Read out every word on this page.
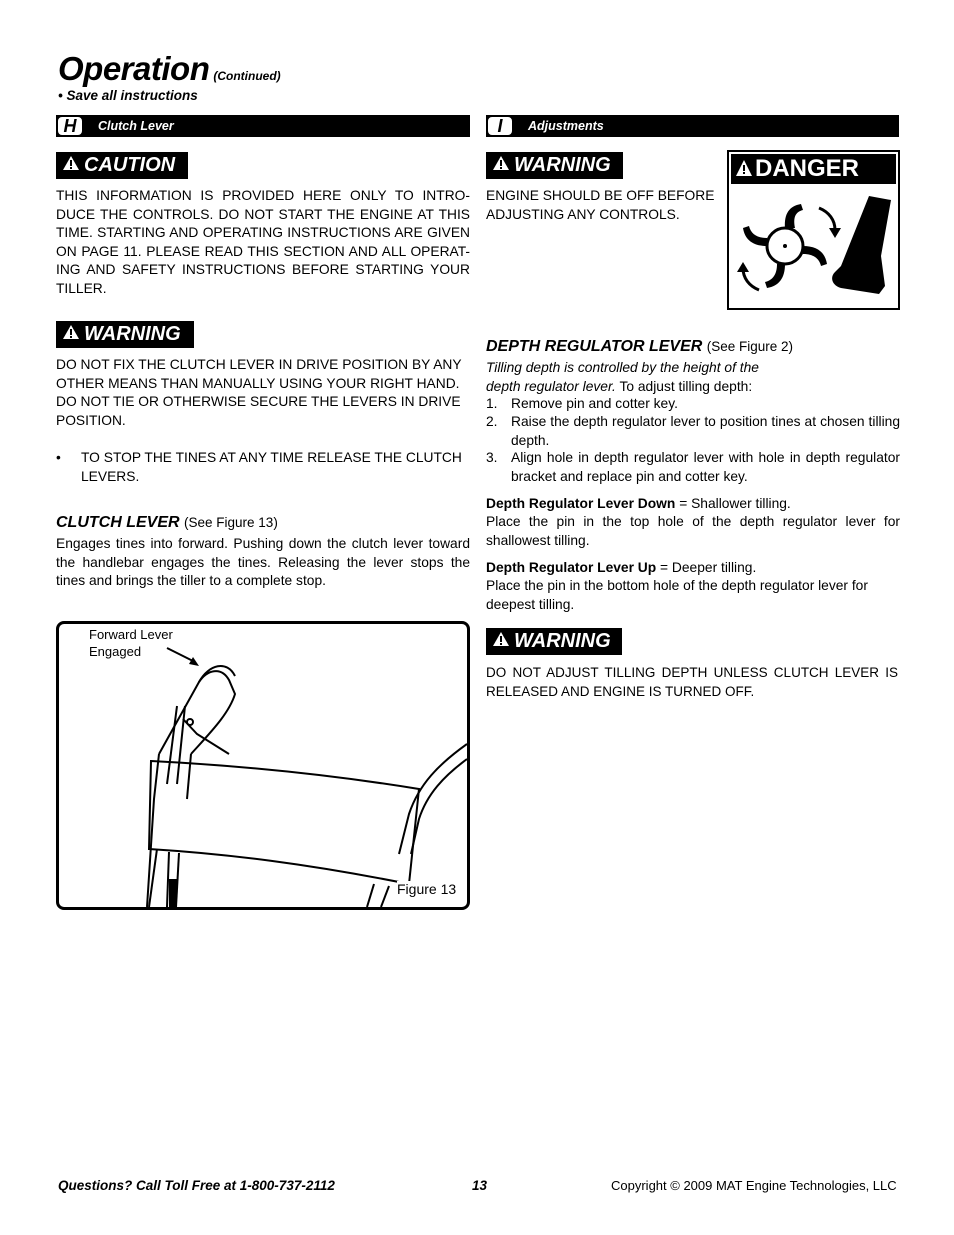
Operation (Continued)
• Save all instructions
H	Clutch Lever	I	Adjustments
CAUTION
THIS INFORMATION IS PROVIDED HERE ONLY TO INTRO-DUCE THE CONTROLS. DO NOT START THE ENGINE AT THIS TIME. STARTING AND OPERATING INSTRUCTIONS ARE GIVEN ON PAGE 11. PLEASE READ THIS SECTION AND ALL OPERAT-ING AND SAFETY INSTRUCTIONS BEFORE STARTING YOUR TILLER.
WARNING
DO NOT FIX THE CLUTCH LEVER IN DRIVE POSITION BY ANY OTHER MEANS THAN MANUALLY USING YOUR RIGHT HAND. DO NOT TIE OR OTHERWISE SECURE THE LEVERS IN DRIVE POSITION.
• TO STOP THE TINES AT ANY TIME RELEASE THE CLUTCH LEVERS.
CLUTCH LEVER (See Figure 13)
Engages tines into forward. Pushing down the clutch lever toward the handlebar engages the tines. Releasing the lever stops the tines and brings the tiller to a complete stop.
Forward Lever
Engaged
Figure 13
WARNING
ENGINE SHOULD BE OFF BEFORE ADJUSTING ANY CONTROLS.
DANGER
DEPTH REGULATOR LEVER (See Figure 2)
Tilling depth is controlled by the height of the depth regulator lever. To adjust tilling depth:
1. Remove pin and cotter key.
2. Raise the depth regulator lever to position tines at chosen tilling depth.
3. Align hole in depth regulator lever with hole in depth regulator bracket and replace pin and cotter key.
Depth Regulator Lever Down = Shallower tilling.
Place the pin in the top hole of the depth regulator lever for shallowest tilling.
Depth Regulator Lever Up = Deeper tilling.
Place the pin in the bottom hole of the depth regulator lever for deepest tilling.
WARNING
DO NOT ADJUST TILLING DEPTH UNLESS CLUTCH LEVER IS RELEASED AND ENGINE IS TURNED OFF.
Questions? Call Toll Free at 1-800-737-2112	13	Copyright © 2009 MAT Engine Technologies, LLC
